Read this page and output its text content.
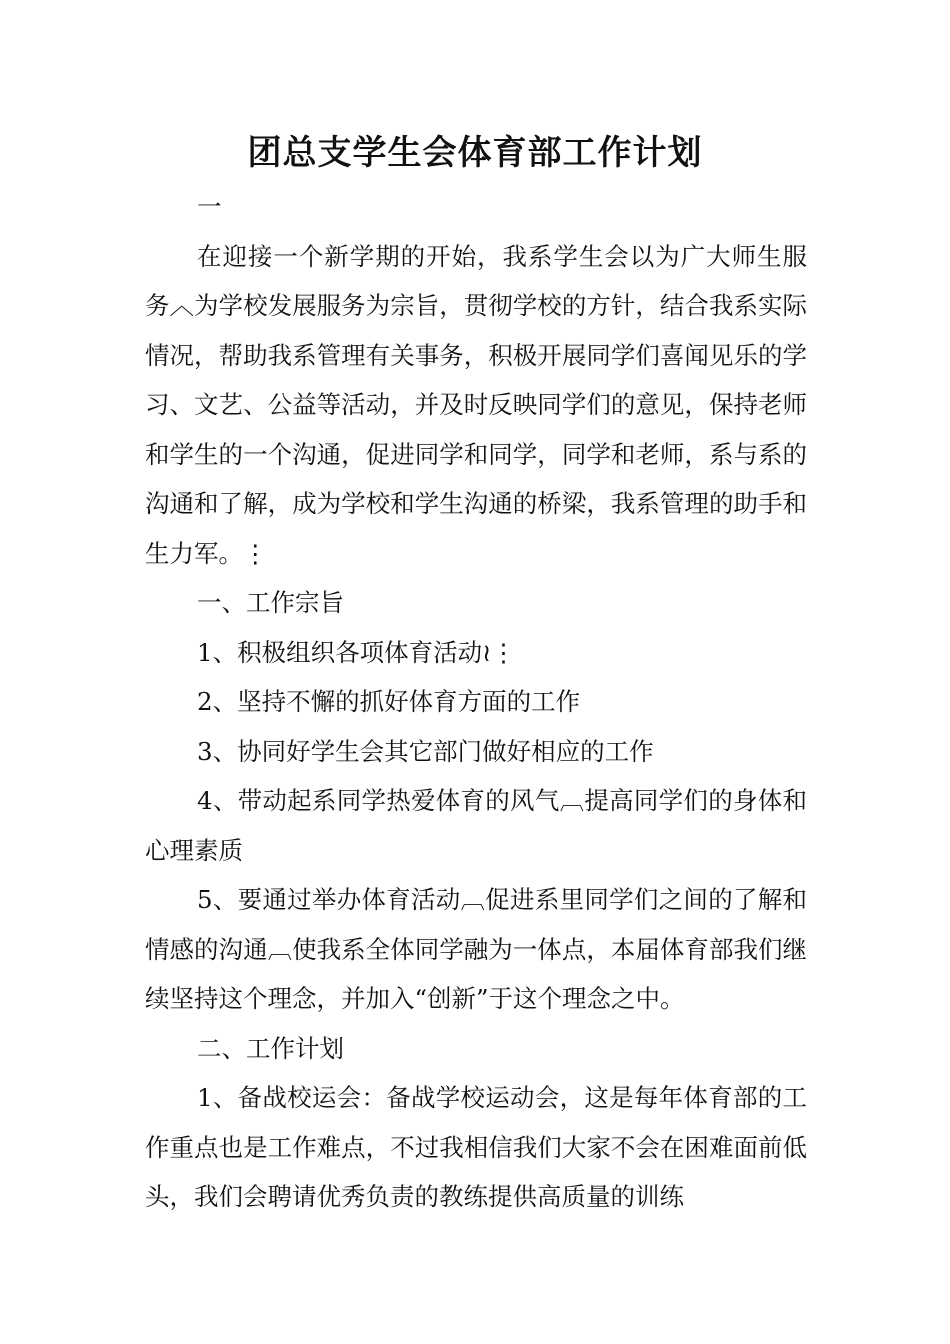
团总支学生会体育部工作计划

一

在迎接一个新学期的开始，我系学生会以为广大师生服务︿为学校发展服务为宗旨，贯彻学校的方针，结合我系实际情况，帮助我系管理有关事务，积极开展同学们喜闻见乐的学习、文艺、公益等活动，并及时反映同学们的意见，保持老师和学生的一个沟通，促进同学和同学，同学和老师，系与系的沟通和了解，成为学校和学生沟通的桥梁，我系管理的助手和生力军。⋮

一、工作宗旨

1、积极组织各项体育活动≀⋮

2、坚持不懈的抓好体育方面的工作

3、协同好学生会其它部门做好相应的工作

4、带动起系同学热爱体育的风气︹提高同学们的身体和心理素质

5、要通过举办体育活动︹促进系里同学们之间的了解和情感的沟通︹使我系全体同学融为一体点，本届体育部我们继续坚持这个理念，并加入“创新”于这个理念之中。

二、工作计划

1、备战校运会：备战学校运动会，这是每年体育部的工作重点也是工作难点，不过我相信我们大家不会在困难面前低头，我们会聘请优秀负责的教练提供高质量的训练
